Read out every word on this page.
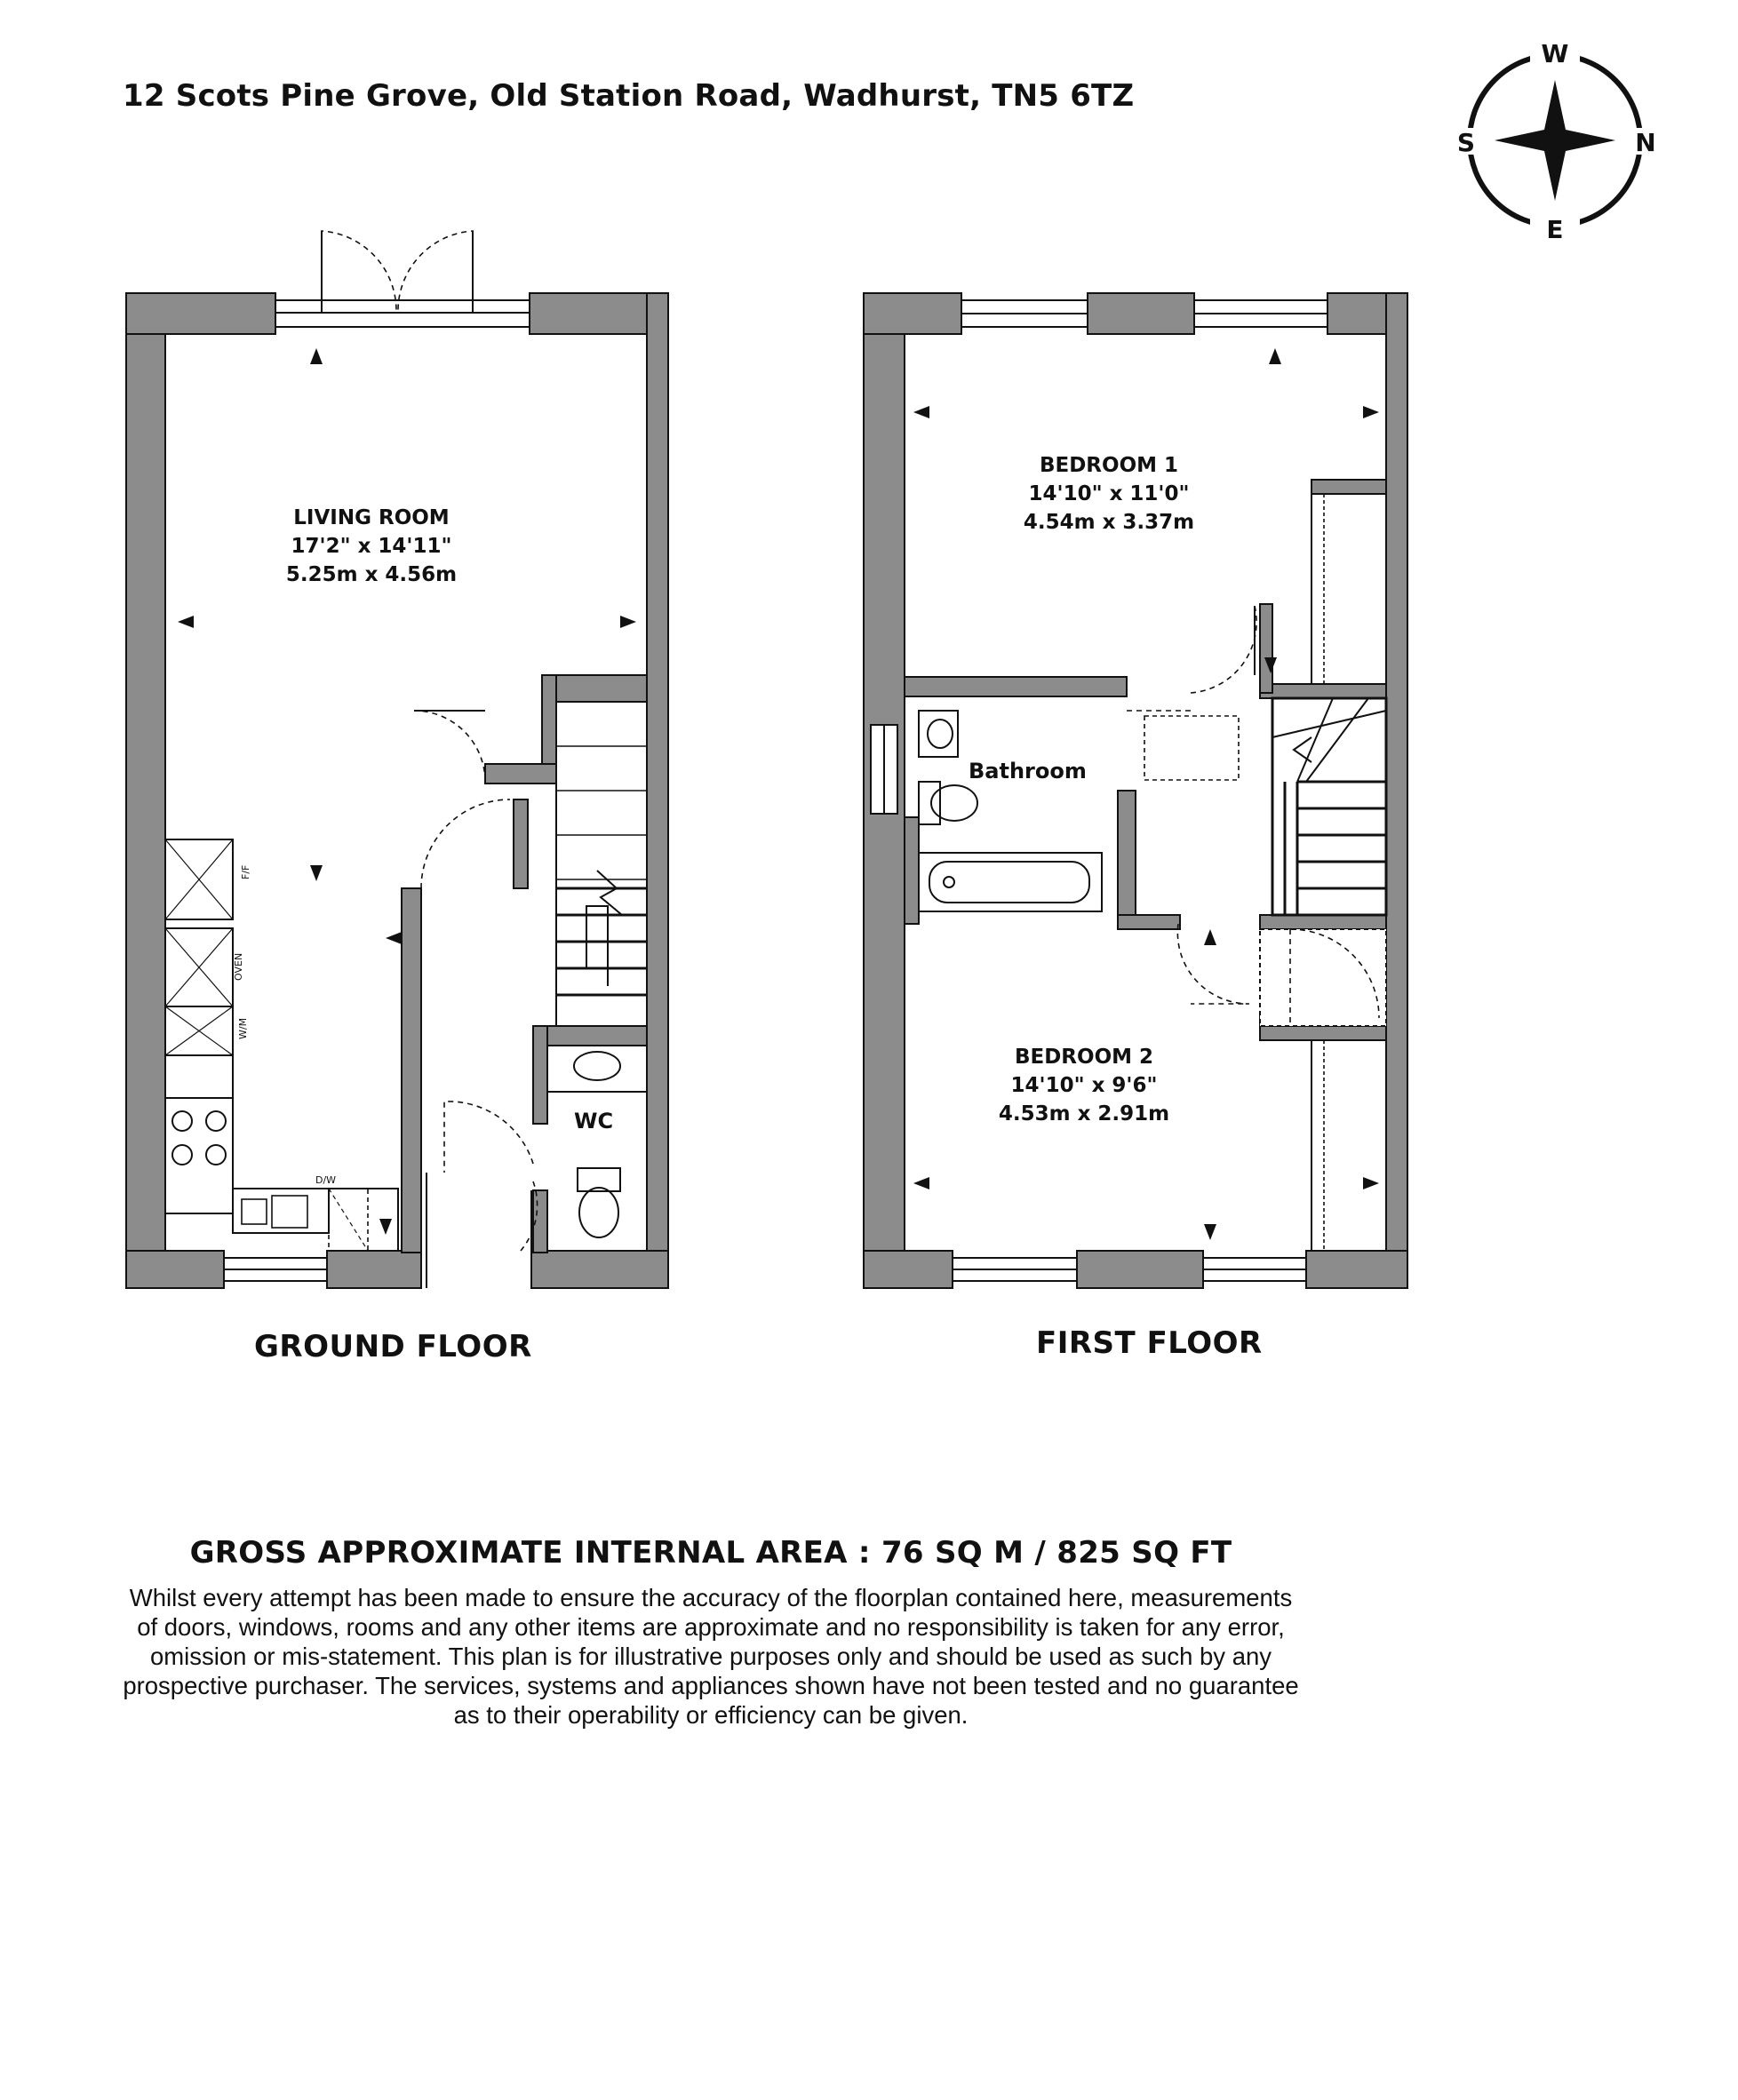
12 Scots Pine Grove, Old Station Road, Wadhurst, TN5 6TZ
W
E
S	N
F/F
OVEN
W/M
D/W
LIVING ROOM
17'2" x 14'11"
5.25m x 4.56m
WC
BEDROOM 1
14'10" x 11'0"
4.54m x 3.37m
Bathroom
BEDROOM 2
14'10" x 9'6"
4.53m x 2.91m
GROUND FLOOR	FIRST FLOOR
GROSS APPROXIMATE INTERNAL AREA : 76 SQ M / 825 SQ FT
Whilst every attempt has been made to ensure the accuracy of the floorplan contained here, measurements
of doors, windows, rooms and any other items are approximate and no responsibility is taken for any error,
omission or mis-statement. This plan is for illustrative purposes only and should be used as such by any
prospective purchaser. The services, systems and appliances shown have not been tested and no guarantee
as to their operability or efficiency can be given.
